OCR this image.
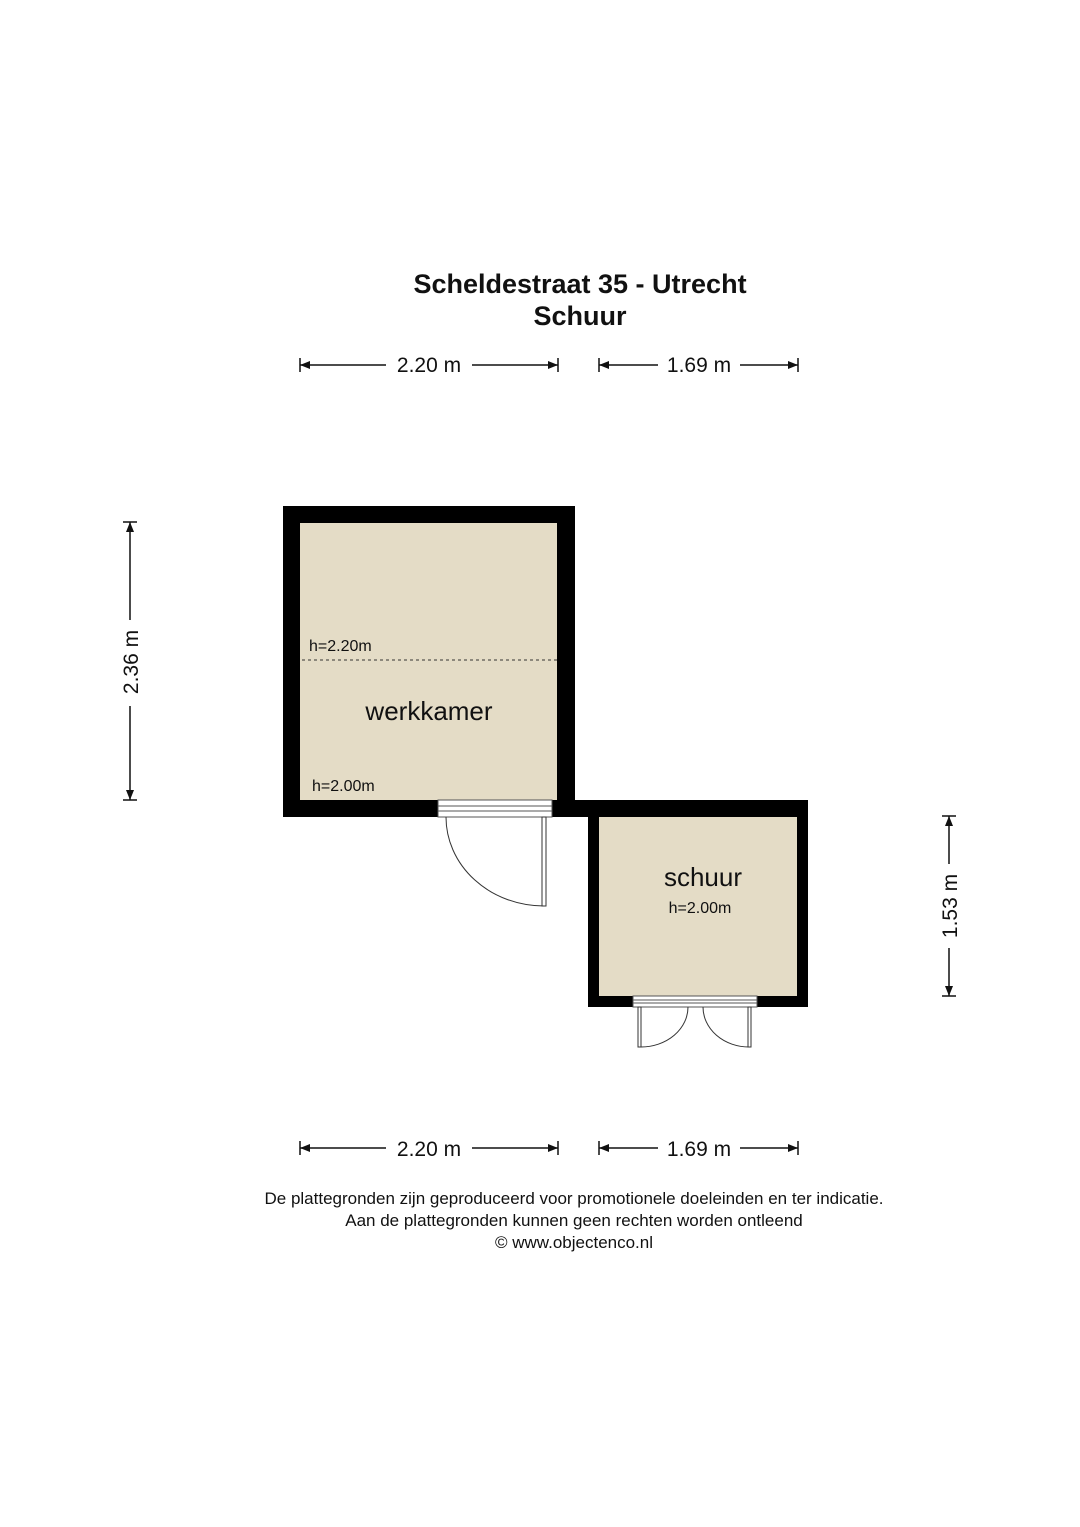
Scheldestraat 35 - Utrecht
Schuur
2.20 m	1.69 m
2.36 m
1.53 m
h=2.20m
werkkamer
h=2.00m
schuur
h=2.00m
2.20 m	1.69 m
De plattegronden zijn geproduceerd voor promotionele doeleinden en ter indicatie.
Aan de plattegronden kunnen geen rechten worden ontleend
© www.objectenco.nl
